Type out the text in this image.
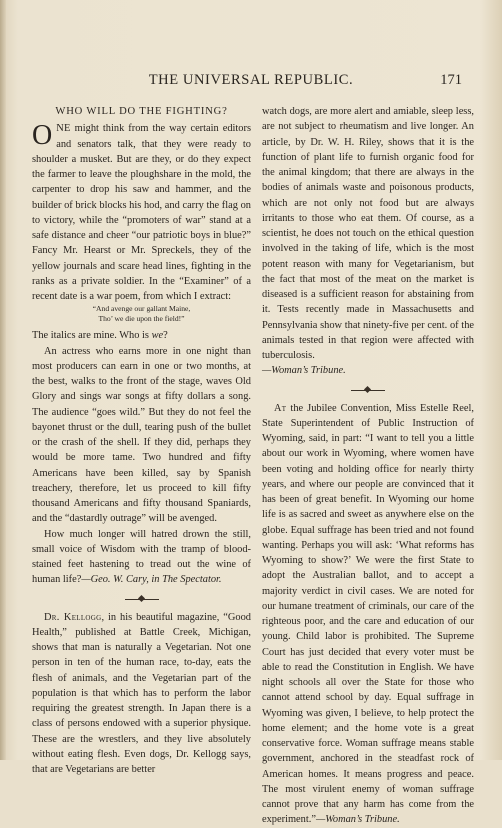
THE UNIVERSAL REPUBLIC.	171
WHO WILL DO THE FIGHTING?

ONE might think from the way certain editors and senators talk, that they were ready to shoulder a musket. But are they, or do they expect the farmer to leave the ploughshare in the mold, the carpenter to drop his saw and hammer, and the builder of brick blocks his hod, and carry the flag on to victory, while the “promoters of war” stand at a safe distance and cheer “our patriotic boys in blue?” Fancy Mr. Hearst or Mr. Spreckels, they of the yellow journals and scare head lines, fighting in the ranks as a private soldier. In the “Examiner” of a recent date is a war poem, from which I extract:

“And avenge our gallant Maine,
Tho’ we die upon the field!”

The italics are mine. Who is we?

An actress who earns more in one night than most producers can earn in one or two months, at the best, walks to the front of the stage, waves Old Glory and sings war songs at fifty dollars a song. The audience “goes wild.” But they do not feel the bayonet thrust or the dull, tearing push of the bullet or the crash of the shell. If they did, perhaps they would be more tame. Two hundred and fifty Americans have been killed, say by Spanish treachery, therefore, let us proceed to kill fifty thousand Americans and fifty thousand Spaniards, and the “dastardly outrage” will be avenged.

How much longer will hatred drown the still, small voice of Wisdom with the tramp of blood-stained feet hastening to tread out the wine of human life?—Geo. W. Cary, in The Spectator.

Dr. Kellogg, in his beautiful magazine, “Good Health,” published at Battle Creek, Michigan, shows that man is naturally a Vegetarian. Not one person in ten of the human race, to-day, eats the flesh of animals, and the Vegetarian part of the population is that which has to perform the labor requiring the greatest strength. In Japan there is a class of persons endowed with a superior physique. These are the wrestlers, and they live absolutely without eating flesh. Even dogs, Dr. Kellogg says, that are Vegetarians are better

watch dogs, are more alert and amiable, sleep less, are not subject to rheumatism and live longer. An article, by Dr. W. H. Riley, shows that it is the function of plant life to furnish organic food for the animal kingdom; that there are always in the bodies of animals waste and poisonous products, which are not only not food but are always irritants to those who eat them. Of course, as a scientist, he does not touch on the ethical question involved in the taking of life, which is the most potent reason with many for Vegetarianism, but the fact that most of the meat on the market is diseased is a sufficient reason for abstaining from it. Tests recently made in Massachusetts and Pennsylvania show that ninety-five per cent. of the animals tested in that region were affected with tuberculosis.
—Woman’s Tribune.

At the Jubilee Convention, Miss Estelle Reel, State Superintendent of Public Instruction of Wyoming, said, in part: “I want to tell you a little about our work in Wyoming, where women have been voting and holding office for nearly thirty years, and where our people are convinced that it has been of great benefit. In Wyoming our home life is as sacred and sweet as anywhere else on the globe. Equal suffrage has been tried and not found wanting. Perhaps you will ask: ‘What reforms has Wyoming to show?’ We were the first State to adopt the Australian ballot, and to accept a majority verdict in civil cases. We are noted for our humane treatment of criminals, our care of the righteous poor, and the care and education of our young. Child labor is prohibited. The Supreme Court has just decided that every voter must be able to read the Constitution in English. We have night schools all over the State for those who cannot attend school by day. Equal suffrage in Wyoming was given, I believe, to help protect the home element; and the home vote is a great conservative force. Woman suffrage means stable government, anchored in the steadfast rock of American homes. It means progress and peace. The most virulent enemy of woman suffrage cannot prove that any harm has come from the experiment.”—Woman’s Tribune.
